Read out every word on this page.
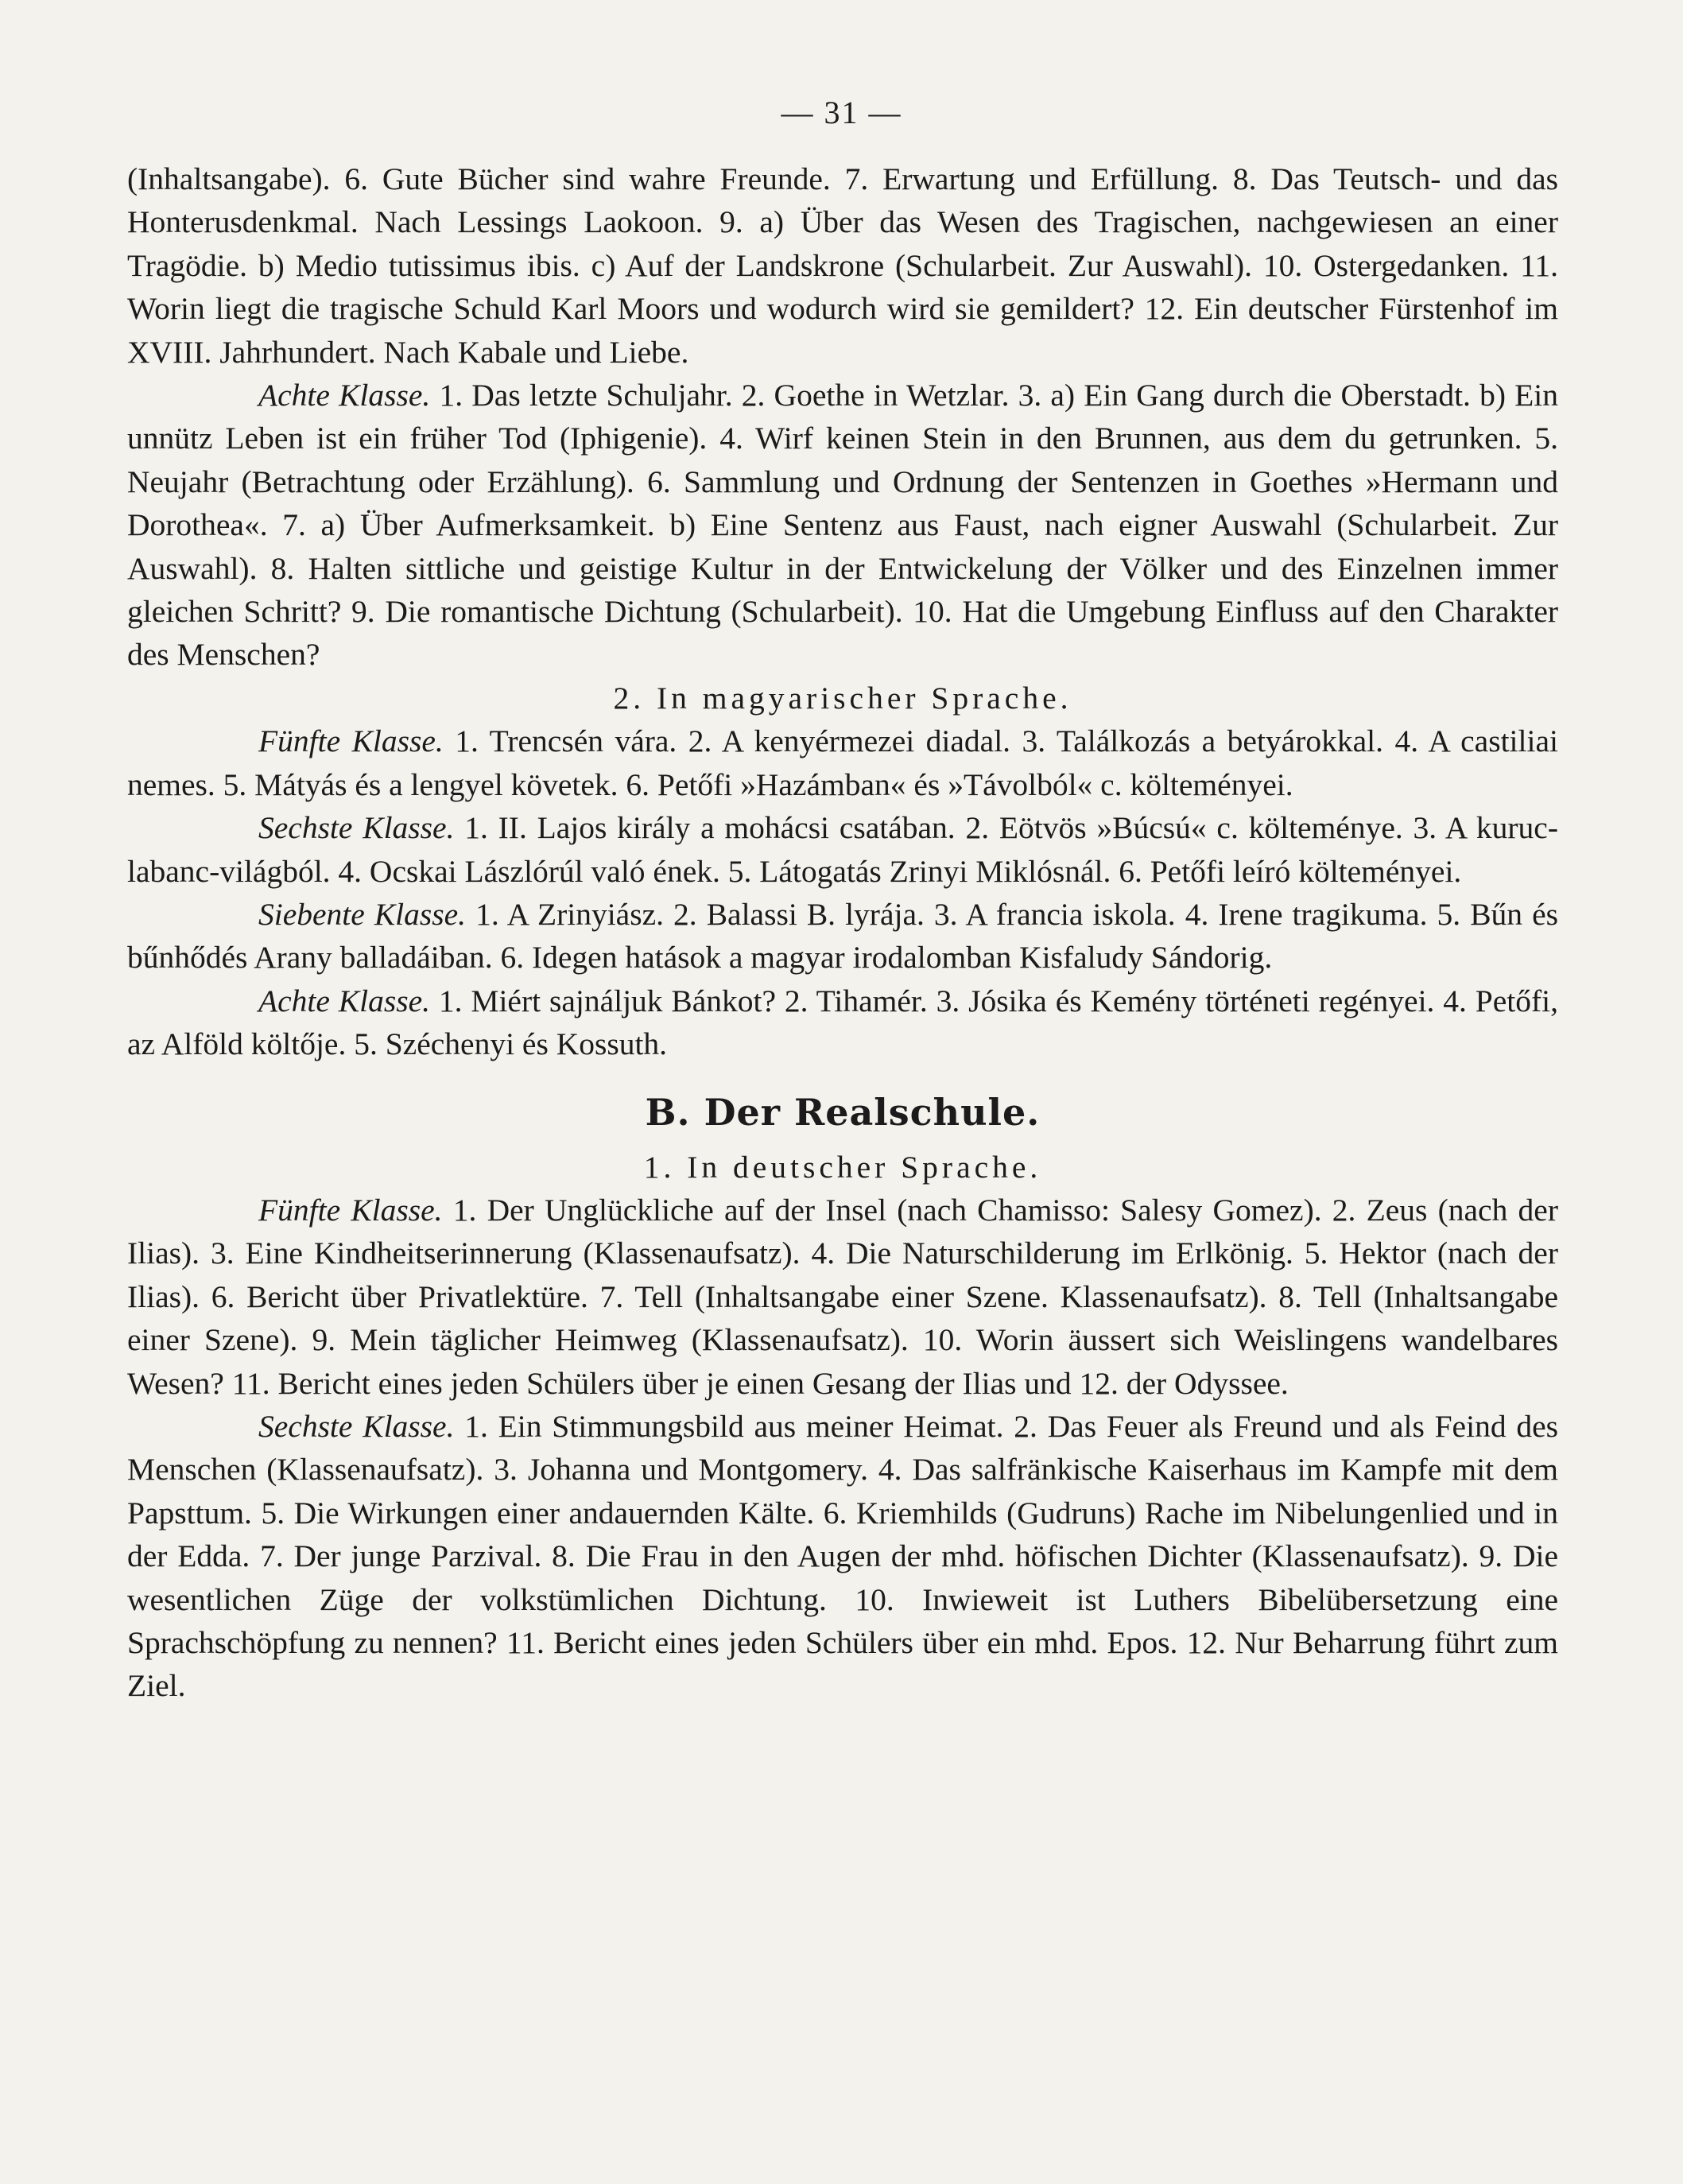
— 31 —

(Inhaltsangabe). 6. Gute Bücher sind wahre Freunde. 7. Erwartung und Erfüllung. 8. Das Teutsch- und das Honterusdenkmal. Nach Lessings Laokoon. 9. a) Über das Wesen des Tragischen, nachgewiesen an einer Tragödie. b) Medio tutissimus ibis. c) Auf der Landskrone (Schularbeit. Zur Auswahl). 10. Ostergedanken. 11. Worin liegt die tragische Schuld Karl Moors und wodurch wird sie gemildert? 12. Ein deutscher Fürstenhof im XVIII. Jahrhundert. Nach Kabale und Liebe.

Achte Klasse. 1. Das letzte Schuljahr. 2. Goethe in Wetzlar. 3. a) Ein Gang durch die Oberstadt. b) Ein unnütz Leben ist ein früher Tod (Iphigenie). 4. Wirf keinen Stein in den Brunnen, aus dem du getrunken. 5. Neujahr (Betrachtung oder Erzählung). 6. Sammlung und Ordnung der Sentenzen in Goethes »Hermann und Dorothea«. 7. a) Über Aufmerksamkeit. b) Eine Sentenz aus Faust, nach eigner Auswahl (Schularbeit. Zur Auswahl). 8. Halten sittliche und geistige Kultur in der Entwickelung der Völker und des Einzelnen immer gleichen Schritt? 9. Die romantische Dichtung (Schularbeit). 10. Hat die Umgebung Einfluss auf den Charakter des Menschen?

2. In magyarischer Sprache.

Fünfte Klasse. 1. Trencsén vára. 2. A kenyérmezei diadal. 3. Találkozás a betyárokkal. 4. A castiliai nemes. 5. Mátyás és a lengyel követek. 6. Petőfi »Hazámban« és »Távolból« c. költeményei.

Sechste Klasse. 1. II. Lajos király a mohácsi csatában. 2. Eötvös »Búcsú« c. költeménye. 3. A kuruc-labanc-világból. 4. Ocskai Lászlórúl való ének. 5. Látogatás Zrinyi Miklósnál. 6. Petőfi leíró költeményei.

Siebente Klasse. 1. A Zrinyiász. 2. Balassi B. lyrája. 3. A francia iskola. 4. Irene tragikuma. 5. Bűn és bűnhődés Arany balladáiban. 6. Idegen hatások a magyar irodalomban Kisfaludy Sándorig.

Achte Klasse. 1. Miért sajnáljuk Bánkot? 2. Tihamér. 3. Jósika és Kemény történeti regényei. 4. Petőfi, az Alföld költője. 5. Széchenyi és Kossuth.

B. Der Realschule.

1. In deutscher Sprache.

Fünfte Klasse. 1. Der Unglückliche auf der Insel (nach Chamisso: Salesy Gomez). 2. Zeus (nach der Ilias). 3. Eine Kindheitserinnerung (Klassenaufsatz). 4. Die Naturschilderung im Erlkönig. 5. Hektor (nach der Ilias). 6. Bericht über Privatlektüre. 7. Tell (Inhaltsangabe einer Szene. Klassenaufsatz). 8. Tell (Inhaltsangabe einer Szene). 9. Mein täglicher Heimweg (Klassenaufsatz). 10. Worin äussert sich Weislingens wandelbares Wesen? 11. Bericht eines jeden Schülers über je einen Gesang der Ilias und 12. der Odyssee.

Sechste Klasse. 1. Ein Stimmungsbild aus meiner Heimat. 2. Das Feuer als Freund und als Feind des Menschen (Klassenaufsatz). 3. Johanna und Montgomery. 4. Das salfränkische Kaiserhaus im Kampfe mit dem Papsttum. 5. Die Wirkungen einer andauernden Kälte. 6. Kriemhilds (Gudruns) Rache im Nibelungenlied und in der Edda. 7. Der junge Parzival. 8. Die Frau in den Augen der mhd. höfischen Dichter (Klassenaufsatz). 9. Die wesentlichen Züge der volkstümlichen Dichtung. 10. Inwieweit ist Luthers Bibelübersetzung eine Sprachschöpfung zu nennen? 11. Bericht eines jeden Schülers über ein mhd. Epos. 12. Nur Beharrung führt zum Ziel.
